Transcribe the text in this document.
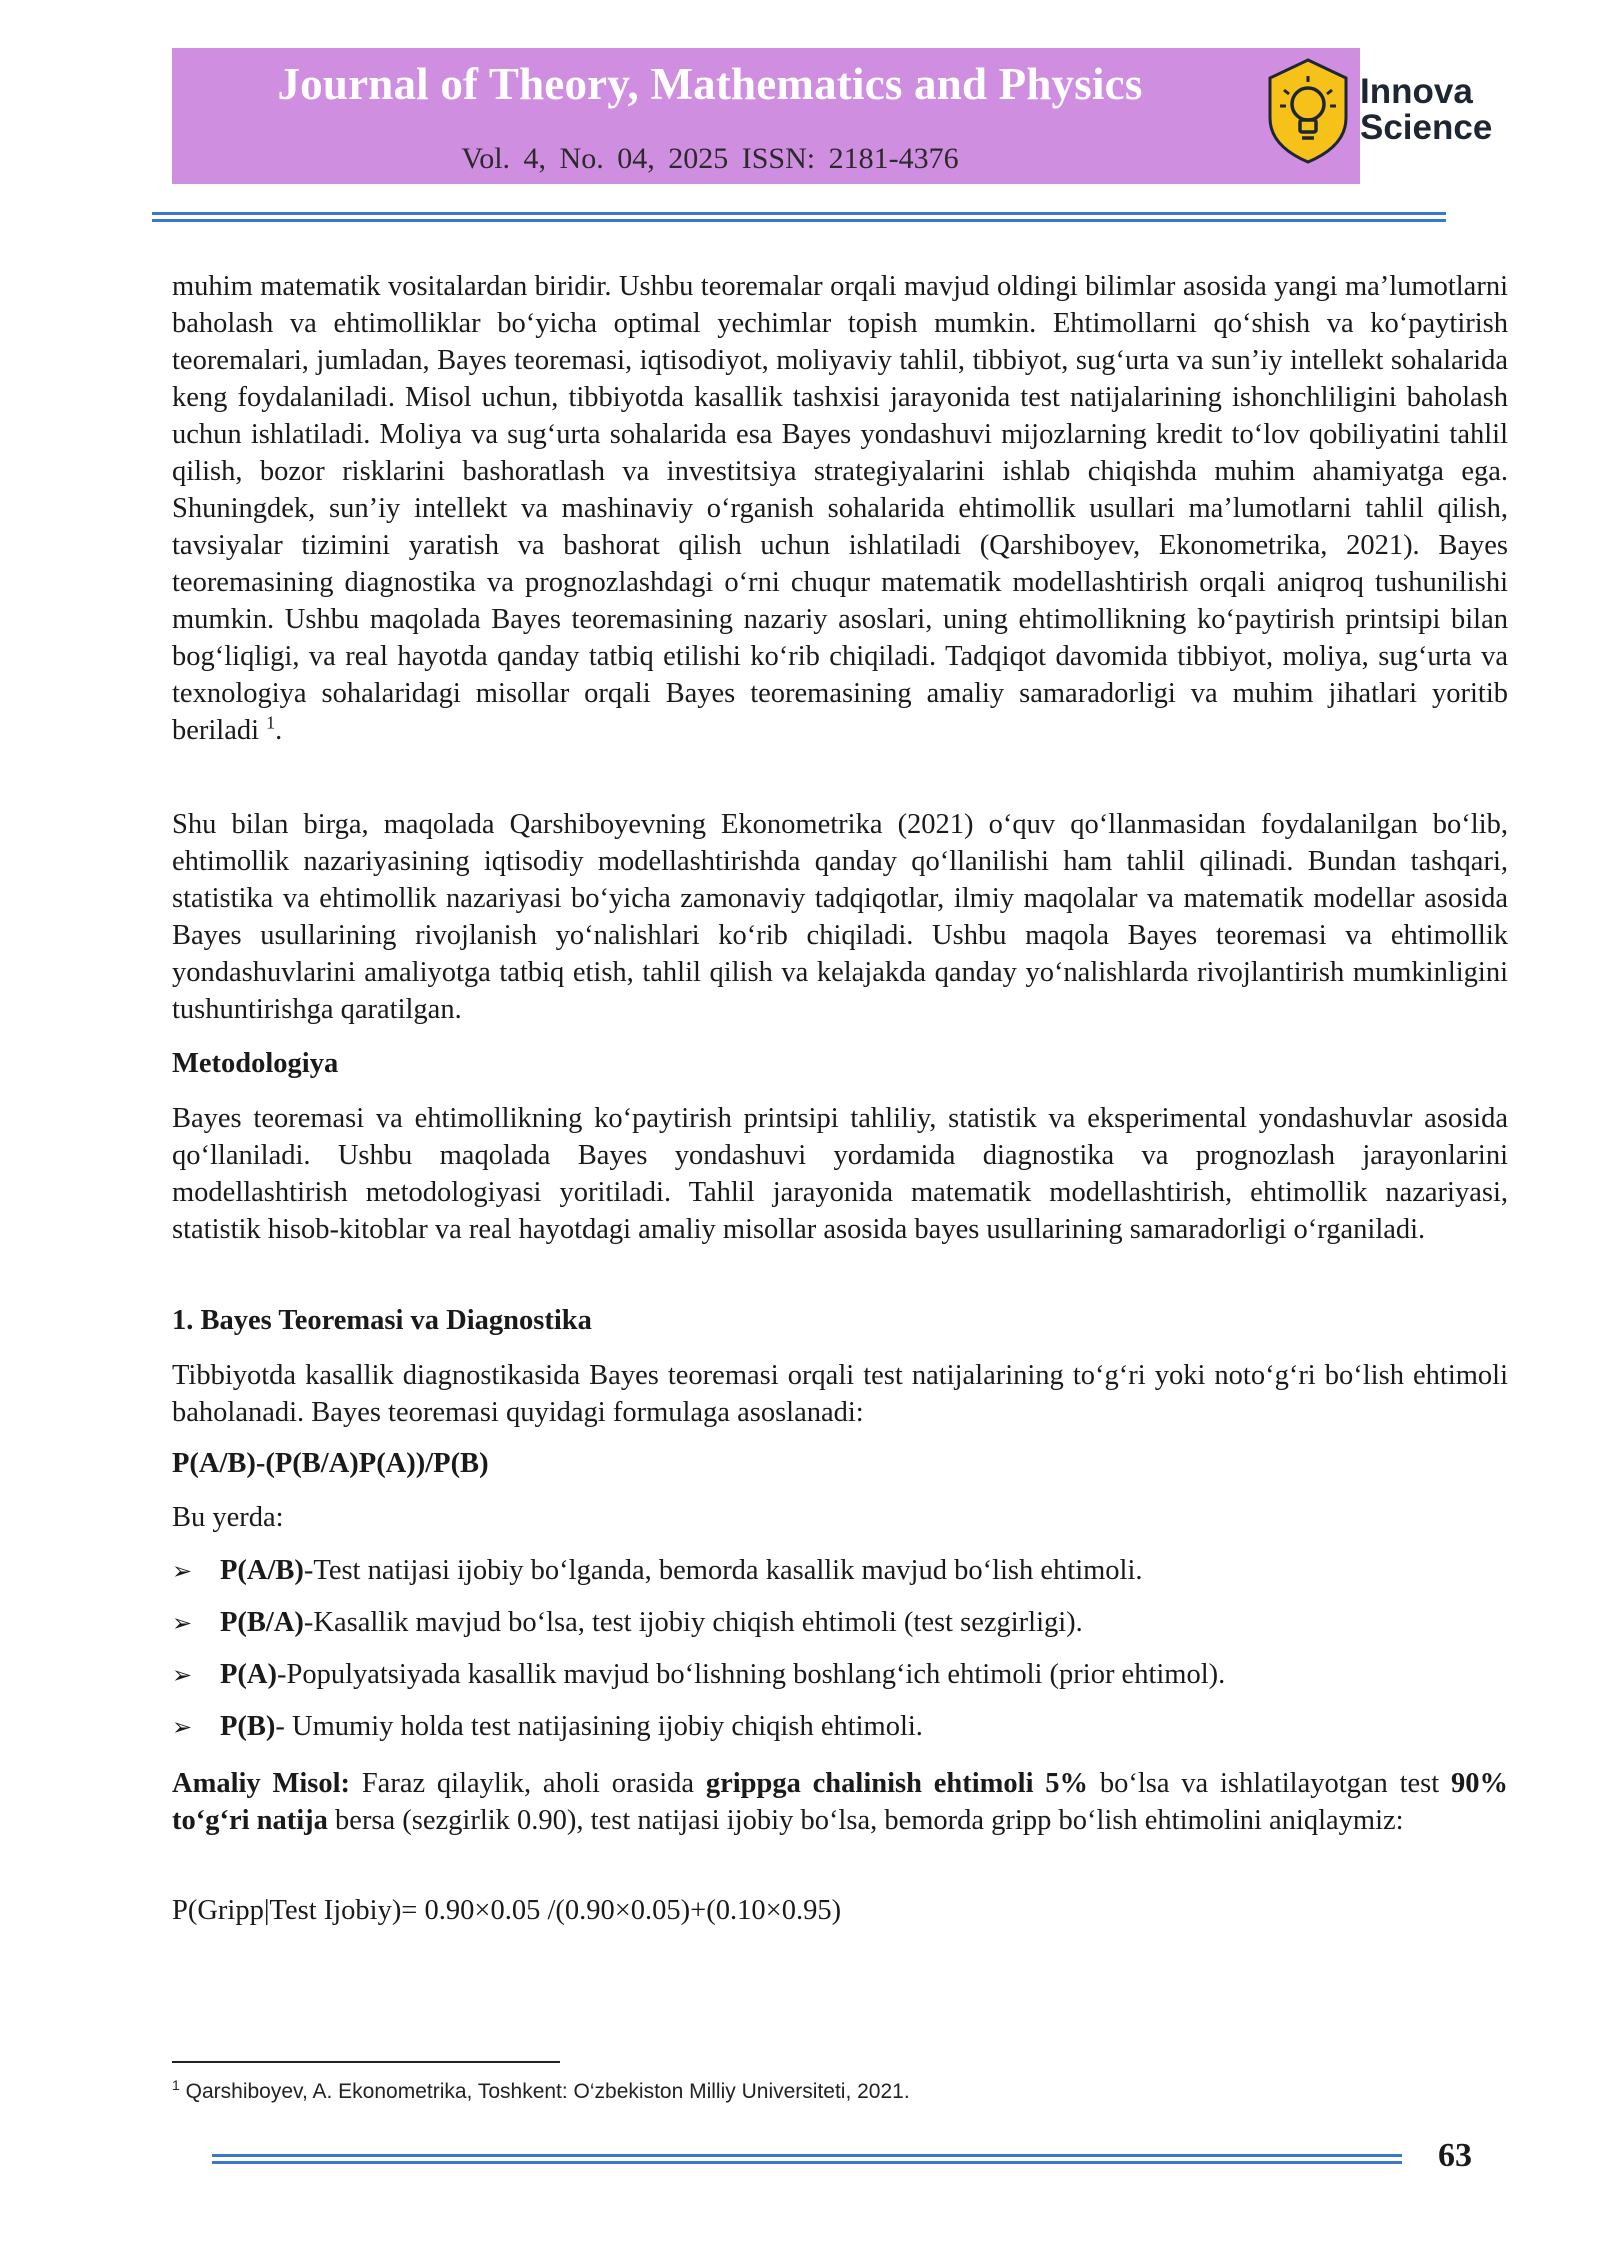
Journal of Theory, Mathematics and Physics
Vol. 4, No. 04, 2025 ISSN: 2181-4376
Innova
Science

muhim matematik vositalardan biridir. Ushbu teoremalar orqali mavjud oldingi bilimlar asosida yangi ma’lumotlarni baholash va ehtimolliklar bo‘yicha optimal yechimlar topish mumkin. Ehtimollarni qo‘shish va ko‘paytirish teoremalari, jumladan, Bayes teoremasi, iqtisodiyot, moliyaviy tahlil, tibbiyot, sug‘urta va sun’iy intellekt sohalarida keng foydalaniladi. Misol uchun, tibbiyotda kasallik tashxisi jarayonida test natijalarining ishonchliligini baholash uchun ishlatiladi. Moliya va sug‘urta sohalarida esa Bayes yondashuvi mijozlarning kredit to‘lov qobiliyatini tahlil qilish, bozor risklarini bashoratlash va investitsiya strategiyalarini ishlab chiqishda muhim ahamiyatga ega. Shuningdek, sun’iy intellekt va mashinaviy o‘rganish sohalarida ehtimollik usullari ma’lumotlarni tahlil qilish, tavsiyalar tizimini yaratish va bashorat qilish uchun ishlatiladi (Qarshiboyev, Ekonometrika, 2021). Bayes teoremasining diagnostika va prognozlashdagi o‘rni chuqur matematik modellashtirish orqali aniqroq tushunilishi mumkin. Ushbu maqolada Bayes teoremasining nazariy asoslari, uning ehtimollikning ko‘paytirish printsipi bilan bog‘liqligi, va real hayotda qanday tatbiq etilishi ko‘rib chiqiladi. Tadqiqot davomida tibbiyot, moliya, sug‘urta va texnologiya sohalaridagi misollar orqali Bayes teoremasining amaliy samaradorligi va muhim jihatlari yoritib beriladi $^1$.

Shu bilan birga, maqolada Qarshiboyevning Ekonometrika (2021) o‘quv qo‘llanmasidan foydalanilgan bo‘lib, ehtimollik nazariyasining iqtisodiy modellashtirishda qanday qo‘llanilishi ham tahlil qilinadi. Bundan tashqari, statistika va ehtimollik nazariyasi bo‘yicha zamonaviy tadqiqotlar, ilmiy maqolalar va matematik modellar asosida Bayes usullarining rivojlanish yo‘nalishlari ko‘rib chiqiladi. Ushbu maqola Bayes teoremasi va ehtimollik yondashuvlarini amaliyotga tatbiq etish, tahlil qilish va kelajakda qanday yo‘nalishlarda rivojlantirish mumkinligini tushuntirishga qaratilgan.

Metodologiya

Bayes teoremasi va ehtimollikning ko‘paytirish printsipi tahliliy, statistik va eksperimental yondashuvlar asosida qo‘llaniladi. Ushbu maqolada Bayes yondashuvi yordamida diagnostika va prognozlash jarayonlarini modellashtirish metodologiyasi yoritiladi. Tahlil jarayonida matematik modellashtirish, ehtimollik nazariyasi, statistik hisob-kitoblar va real hayotdagi amaliy misollar asosida bayes usullarining samaradorligi o‘rganiladi.

1. Bayes Teoremasi va Diagnostika

Tibbiyotda kasallik diagnostikasida Bayes teoremasi orqali test natijalarining to‘g‘ri yoki noto‘g‘ri bo‘lish ehtimoli baholanadi. Bayes teoremasi quyidagi formulaga asoslanadi:

P(A/B)-(P(B/A)P(A))/P(B)

Bu yerda:

➢ P(A/B)-Test natijasi ijobiy bo‘lganda, bemorda kasallik mavjud bo‘lish ehtimoli.

➢ P(B/A)-Kasallik mavjud bo‘lsa, test ijobiy chiqish ehtimoli (test sezgirligi).

➢ P(A)-Populyatsiyada kasallik mavjud bo‘lishning boshlang‘ich ehtimoli (prior ehtimol).

➢ P(B)- Umumiy holda test natijasining ijobiy chiqish ehtimoli.

Amaliy Misol: Faraz qilaylik, aholi orasida grippga chalinish ehtimoli 5% bo‘lsa va ishlatilayotgan test 90% to‘g‘ri natija bersa (sezgirlik 0.90), test natijasi ijobiy bo‘lsa, bemorda gripp bo‘lish ehtimolini aniqlaymiz:

P(Gripp|Test Ijobiy)= 0.90×0.05 /(0.90×0.05)+(0.10×0.95)

$^1$ Qarshiboyev, A. Ekonometrika, Toshkent: O‘zbekiston Milliy Universiteti, 2021.
63
